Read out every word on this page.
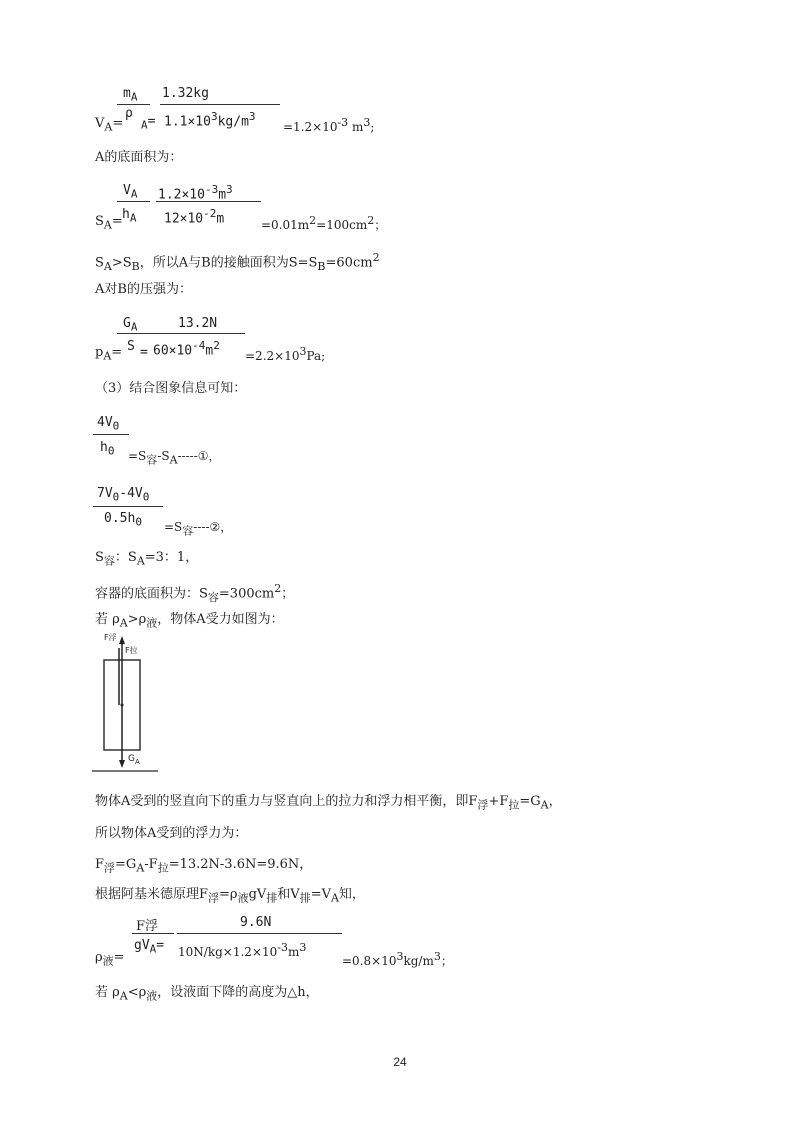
$m_A$
ρ
1.32kg
$V_A= _A= 1.1\times 10^3kg/m^3$
$=1.2\times 10^{-3}$ $m^3$;
A的底面积为：
$V_A$ $1.2\times 10^{-3}m^3$
$S_A= h_A$ $12\times 10^{-2}m$	$=0.01m^2=100cm^2$；
$S_A>S_B$，所以A与B的接触面积为$S=S_B=60cm^2$
A对B的压强为：
$G_A$	13.2N
$p_A= S = 60\times 10^{-4}m^2$
$=2.2\times 10^3Pa$;
（3）结合图象信息可知：
$4V_0$
$h_0$ $=S_容-S_A-----①$，
$7V_0-4V_0$
$0.5h_0$ $=S_容----②$，
$S_容$：$S_A=3$：1，
容器的底面积为：$S_容=300cm^2$；
若 $\rho_A>\rho_液$，物体A受力如图为：
F浮
F拉
$G_A$
物体A受到的竖直向下的重力与竖直向上的拉力和浮力相平衡，即$F_浮+F_拉=G_A$，
所以物体A受到的浮力为：
$F_浮=G_A-F_拉=13.2N-3.6N=9.6N$，
根据阿基米德原理$F_浮=\rho_液gV_排$和$V_排=V_A$知，
F浮	9.6N
$\rho_液=$
$gV_A= 10N/kg\times 1.2\times 10^{-3}m^3$
$=0.8\times 10^3kg/m^3$；
若 $\rho_A<\rho_液$，设液面下降的高度为△h，
24
